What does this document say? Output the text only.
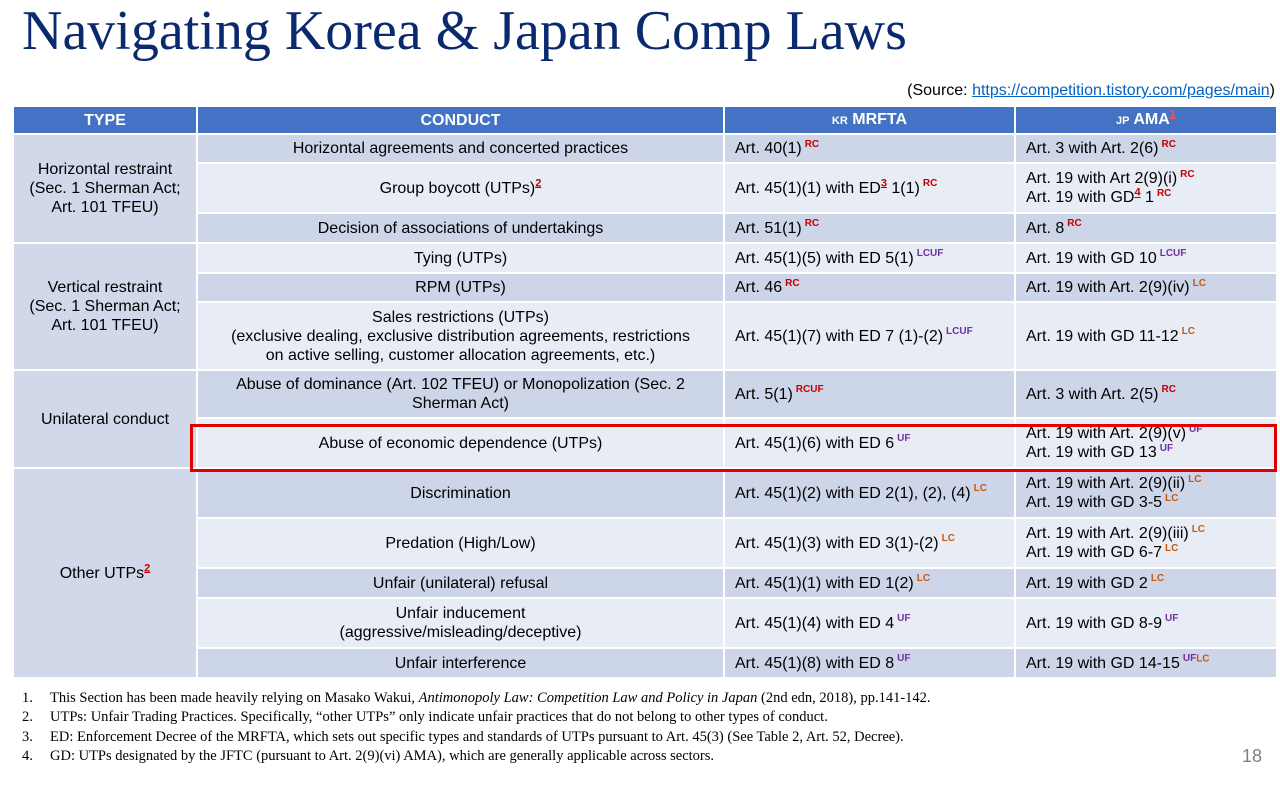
Navigating Korea & Japan Comp Laws
(Source: https://competition.tistory.com/pages/main)
TYPE	CONDUCT	KR MRFTA	JP AMA$^1$

Horizontal restraint
(Sec. 1 Sherman Act;
Art. 101 TFEU)	Horizontal agreements and concerted practices	Art. 40(1) $^{RC}$	Art. 3 with Art. 2(6) $^{RC}$
	Group boycott (UTPs)$^2$	Art. 45(1)(1) with ED$^3$ 1(1) $^{RC}$	Art. 19 with Art 2(9)(i) $^{RC}$
Art. 19 with GD$^4$ 1 $^{RC}$

	Decision of associations of undertakings	Art. 51(1) $^{RC}$	Art. 8 $^{RC}$

Vertical restraint
(Sec. 1 Sherman Act;
Art. 101 TFEU)	Tying (UTPs)	Art. 45(1)(5) with ED 5(1) $^{LCUF}$	Art. 19 with GD 10 $^{LCUF}$
	RPM (UTPs)	Art. 46 $^{RC}$	Art. 19 with Art. 2(9)(iv) $^{LC}$

	Sales restrictions (UTPs)
(exclusive dealing, exclusive distribution agreements, restrictions
on active selling, customer allocation agreements, etc.)	Art. 45(1)(7) with ED 7 (1)-(2) $^{LCUF}$	Art. 19 with GD 11-12 $^{LC}$

Unilateral conduct	Abuse of dominance (Art. 102 TFEU) or Monopolization (Sec. 2
Sherman Act)	Art. 5(1) $^{RCUF}$	Art. 3 with Art. 2(5) $^{RC}$
	Abuse of economic dependence (UTPs)	Art. 45(1)(6) with ED 6 $^{UF}$	Art. 19 with Art. 2(9)(v) $^{UF}$
Art. 19 with GD 13 $^{UF}$

Other UTPs$^2$	Discrimination	Art. 45(1)(2) with ED 2(1), (2), (4) $^{LC}$	Art. 19 with Art. 2(9)(ii) $^{LC}$
Art. 19 with GD 3-5 $^{LC}$

	Predation (High/Low)	Art. 45(1)(3) with ED 3(1)-(2) $^{LC}$	Art. 19 with Art. 2(9)(iii) $^{LC}$
Art. 19 with GD 6-7 $^{LC}$

	Unfair (unilateral) refusal	Art. 45(1)(1) with ED 1(2) $^{LC}$	Art. 19 with GD 2 $^{LC}$

	Unfair inducement
(aggressive/misleading/deceptive)	Art. 45(1)(4) with ED 4 $^{UF}$	Art. 19 with GD 8-9 $^{UF}$
	Unfair interference	Art. 45(1)(8) with ED 8 $^{UF}$	Art. 19 with GD 14-15 $^{UFLC}$
1. This Section has been made heavily relying on Masako Wakui, Antimonopoly Law: Competition Law and Policy in Japan (2nd edn, 2018), pp.141-142.
2. UTPs: Unfair Trading Practices. Specifically, “other UTPs” only indicate unfair practices that do not belong to other types of conduct.
3. ED: Enforcement Decree of the MRFTA, which sets out specific types and standards of UTPs pursuant to Art. 45(3) (See Table 2, Art. 52, Decree).
4. GD: UTPs designated by the JFTC (pursuant to Art. 2(9)(vi) AMA), which are generally applicable across sectors.	18
